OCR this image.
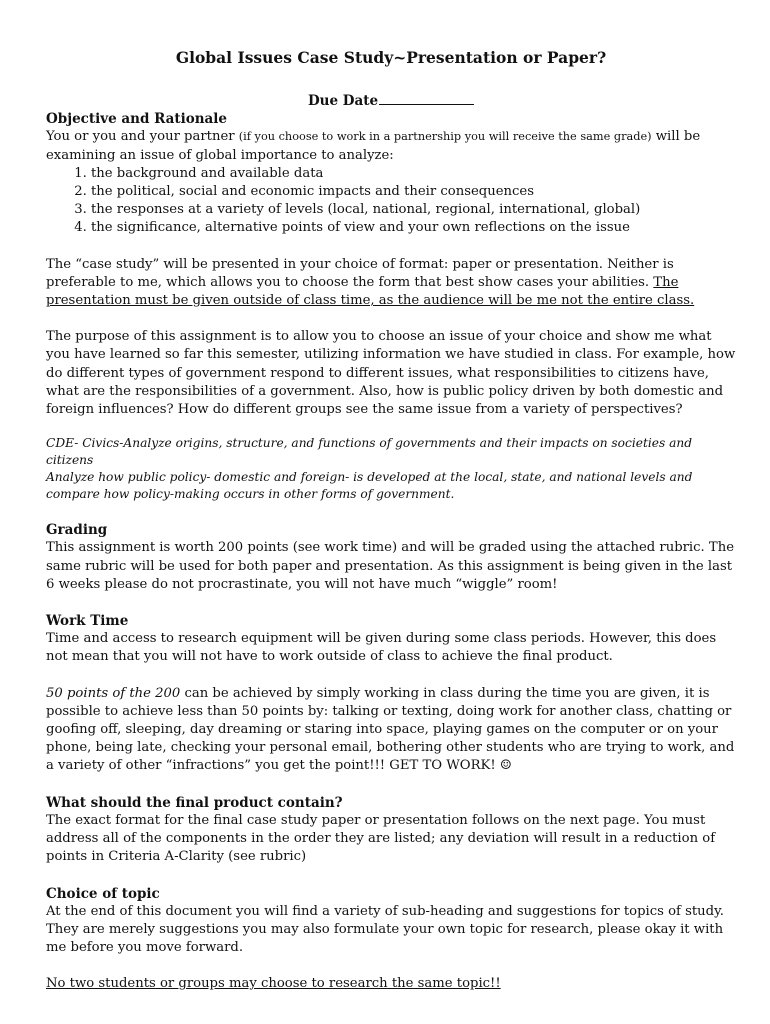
Global Issues Case Study~Presentation or Paper?
Due Date
Objective and Rationale

You or you and your partner (if you choose to work in a partnership you will receive the same grade) will be examining an issue of global importance to analyze:

1. the background and available data
2. the political, social and economic impacts and their consequences
3. the responses at a variety of levels (local, national, regional, international, global)
4. the significance, alternative points of view and your own reflections on the issue

The “case study” will be presented in your choice of format: paper or presentation. Neither is preferable to me, which allows you to choose the form that best show cases your abilities. The presentation must be given outside of class time, as the audience will be me not the entire class.

The purpose of this assignment is to allow you to choose an issue of your choice and show me what you have learned so far this semester, utilizing information we have studied in class. For example, how do different types of government respond to different issues, what responsibilities to citizens have, what are the responsibilities of a government. Also, how is public policy driven by both domestic and foreign influences? How do different groups see the same issue from a variety of perspectives?

CDE- Civics-Analyze origins, structure, and functions of governments and their impacts on societies and citizens

Analyze how public policy- domestic and foreign- is developed at the local, state, and national levels and compare how policy-making occurs in other forms of government.

Grading

This assignment is worth 200 points (see work time) and will be graded using the attached rubric. The same rubric will be used for both paper and presentation. As this assignment is being given in the last 6 weeks please do not procrastinate, you will not have much “wiggle” room!

Work Time

Time and access to research equipment will be given during some class periods. However, this does not mean that you will not have to work outside of class to achieve the final product.

50 points of the 200 can be achieved by simply working in class during the time you are given, it is possible to achieve less than 50 points by: talking or texting, doing work for another class, chatting or goofing off, sleeping, day dreaming or staring into space, playing games on the computer or on your phone, being late, checking your personal email, bothering other students who are trying to work, and a variety of other “infractions” you get the point!!! GET TO WORK! ☺

What should the final product contain?

The exact format for the final case study paper or presentation follows on the next page. You must address all of the components in the order they are listed; any deviation will result in a reduction of points in Criteria A-Clarity (see rubric)

Choice of topic

At the end of this document you will find a variety of sub-heading and suggestions for topics of study. They are merely suggestions you may also formulate your own topic for research, please okay it with me before you move forward.

No two students or groups may choose to research the same topic!!
